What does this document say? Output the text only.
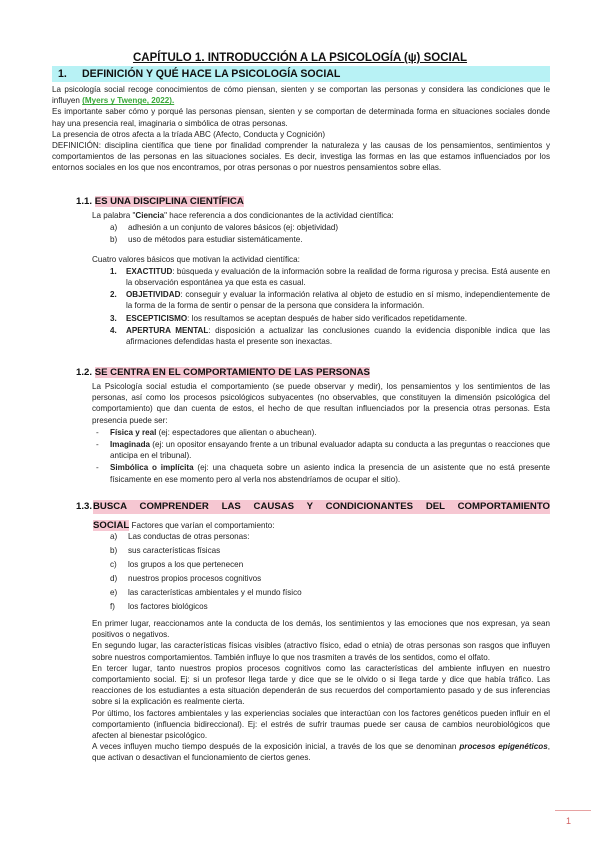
CAPÍTULO 1. INTRODUCCIÓN A LA PSICOLOGÍA (ψ) SOCIAL
1. DEFINICIÓN Y QUÉ HACE LA PSICOLOGÍA SOCIAL

La psicología social recoge conocimientos de cómo piensan, sienten y se comportan las personas y considera las condiciones que le influyen (Myers y Twenge, 2022).

Es importante saber cómo y porqué las personas piensan, sienten y se comportan de determinada forma en situaciones sociales donde hay una presencia real, imaginaria o simbólica de otras personas.

La presencia de otros afecta a la tríada ABC (Afecto, Conducta y Cognición)

DEFINICIÓN: disciplina científica que tiene por finalidad comprender la naturaleza y las causas de los pensamientos, sentimientos y comportamientos de las personas en las situaciones sociales. Es decir, investiga las formas en las que estamos influenciados por los entornos sociales en los que nos encontramos, por otras personas o por nuestros pensamientos sobre ellas.

1.1. ES UNA DISCIPLINA CIENTÍFICA

La palabra "Ciencia" hace referencia a dos condicionantes de la actividad científica:

a) adhesión a un conjunto de valores básicos (ej: objetividad)
b) uso de métodos para estudiar sistemáticamente.

Cuatro valores básicos que motivan la actividad científica:

1. EXACTITUD: búsqueda y evaluación de la información sobre la realidad de forma rigurosa y precisa. Está ausente en la observación espontánea ya que esta es casual.
2. OBJETIVIDAD: conseguir y evaluar la información relativa al objeto de estudio en sí mismo, independientemente de la forma de la forma de sentir o pensar de la persona que considera la información.
3. ESCEPTICISMO: los resultamos se aceptan después de haber sido verificados repetidamente.
4. APERTURA MENTAL: disposición a actualizar las conclusiones cuando la evidencia disponible indica que las afirmaciones defendidas hasta el presente son inexactas.
1.2. SE CENTRA EN EL COMPORTAMIENTO DE LAS PERSONAS

La Psicología social estudia el comportamiento (se puede observar y medir), los pensamientos y los sentimientos de las personas, así como los procesos psicológicos subyacentes (no observables, que constituyen la dimensión psicológica del comportamiento) que dan cuenta de estos, el hecho de que resultan influenciados por la presencia otras personas. Esta presencia puede ser:

- Física y real (ej: espectadores que alientan o abuchean).
- Imaginada (ej: un opositor ensayando frente a un tribunal evaluador adapta su conducta a las preguntas o reacciones que anticipa en el tribunal).
- Simbólica o implícita (ej: una chaqueta sobre un asiento indica la presencia de un asistente que no está presente físicamente en ese momento pero al verla nos abstendríamos de ocupar el sitio).
1.3. BUSCA COMPRENDER LAS CAUSAS Y CONDICIONANTES DEL COMPORTAMIENTO
SOCIAL Factores que varían el comportamiento:
a) Las conductas de otras personas:
b) sus características físicas
c) los grupos a los que pertenecen
d) nuestros propios procesos cognitivos
e) las características ambientales y el mundo físico
f) los factores biológicos

En primer lugar, reaccionamos ante la conducta de los demás, los sentimientos y las emociones que nos expresan, ya sean positivos o negativos.

En segundo lugar, las características físicas visibles (atractivo físico, edad o etnia) de otras personas son rasgos que influyen sobre nuestros comportamientos. También influye lo que nos trasmiten a través de los sentidos, como el olfato.

En tercer lugar, tanto nuestros propios procesos cognitivos como las características del ambiente influyen en nuestro comportamiento social. Ej: si un profesor llega tarde y dice que se le olvido o si llega tarde y dice que había tráfico. Las reacciones de los estudiantes a esta situación dependerán de sus recuerdos del comportamiento pasado y de sus inferencias sobre si la explicación es realmente cierta.

Por último, los factores ambientales y las experiencias sociales que interactúan con los factores genéticos pueden influir en el comportamiento (influencia bidireccional). Ej: el estrés de sufrir traumas puede ser causa de cambios neurobiológicos que afecten al bienestar psicológico.

A veces influyen mucho tiempo después de la exposición inicial, a través de los que se denominan procesos epigenéticos, que activan o desactivan el funcionamiento de ciertos genes.

1
